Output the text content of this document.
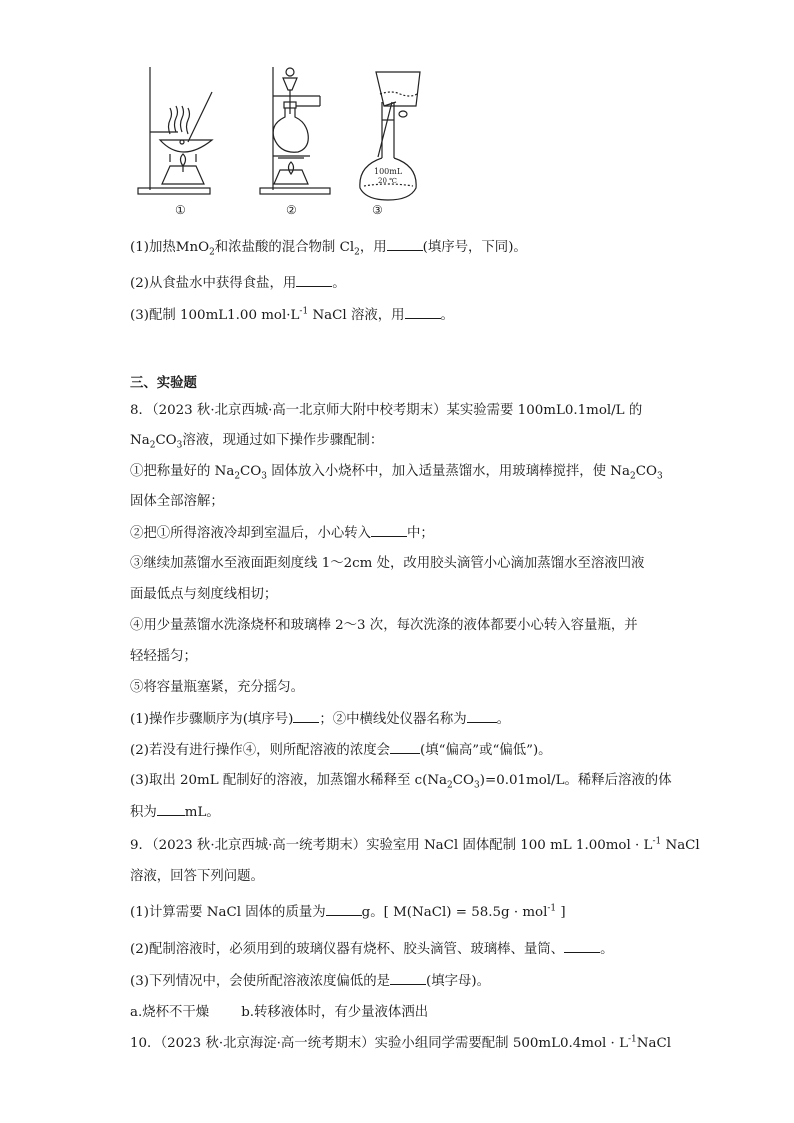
100mL
20 ℃
①	②	③
(1)加热MnO$_2$和浓盐酸的混合物制 $Cl_2$，用	(填序号，下同)。
(2)从食盐水中获得食盐，用	。
(3)配制 100mL1.00 $mol\cdot L^{-1}$ NaCl 溶液，用	。
三、实验题
8．（2023 秋·北京西城·高一北京师大附中校考期末）某实验需要 100mL0.1mol/L 的
$Na_2CO_3$溶液，现通过如下操作步骤配制：
①把称量好的 $Na_2CO_3$ 固体放入小烧杯中，加入适量蒸馏水，用玻璃棒搅拌，使 $Na_2CO_3$
固体全部溶解；
②把①所得溶液冷却到室温后，小心转入	中；
③继续加蒸馏水至液面距刻度线 1～2cm 处，改用胶头滴管小心滴加蒸馏水至溶液凹液
面最低点与刻度线相切；
④用少量蒸馏水洗涤烧杯和玻璃棒 2～3 次，每次洗涤的液体都要小心转入容量瓶，并
轻轻摇匀；
⑤将容量瓶塞紧，充分摇匀。
(1)操作步骤顺序为(填序号) ；②中横线处仪器名称为 。
(2)若没有进行操作④，则所配溶液的浓度会 (填“偏高”或“偏低”)。
(3)取出 20mL 配制好的溶液，加蒸馏水稀释至 $c(Na_2CO_3)=0.01mol/L$。稀释后溶液的体
积为 mL。
9．（2023 秋·北京西城·高一统考期末）实验室用 NaCl 固体配制 100 mL $1.00mol \cdot L^{-1}$ NaCl
溶液，回答下列问题。
(1)计算需要 NaCl 固体的质量为	g。[ M(NaCl) = 58.5g · mol$^{-1}$ ]
(2)配制溶液时，必须用到的玻璃仪器有烧杯、胶头滴管、玻璃棒、量筒、	。
(3)下列情况中，会使所配溶液浓度偏低的是	(填字母)。
a.烧杯不干燥 b.转移液体时，有少量液体洒出
10．（2023 秋·北京海淀·高一统考期末）实验小组同学需要配制 $500mL0.4mol \cdot L^{-1}NaCl$
